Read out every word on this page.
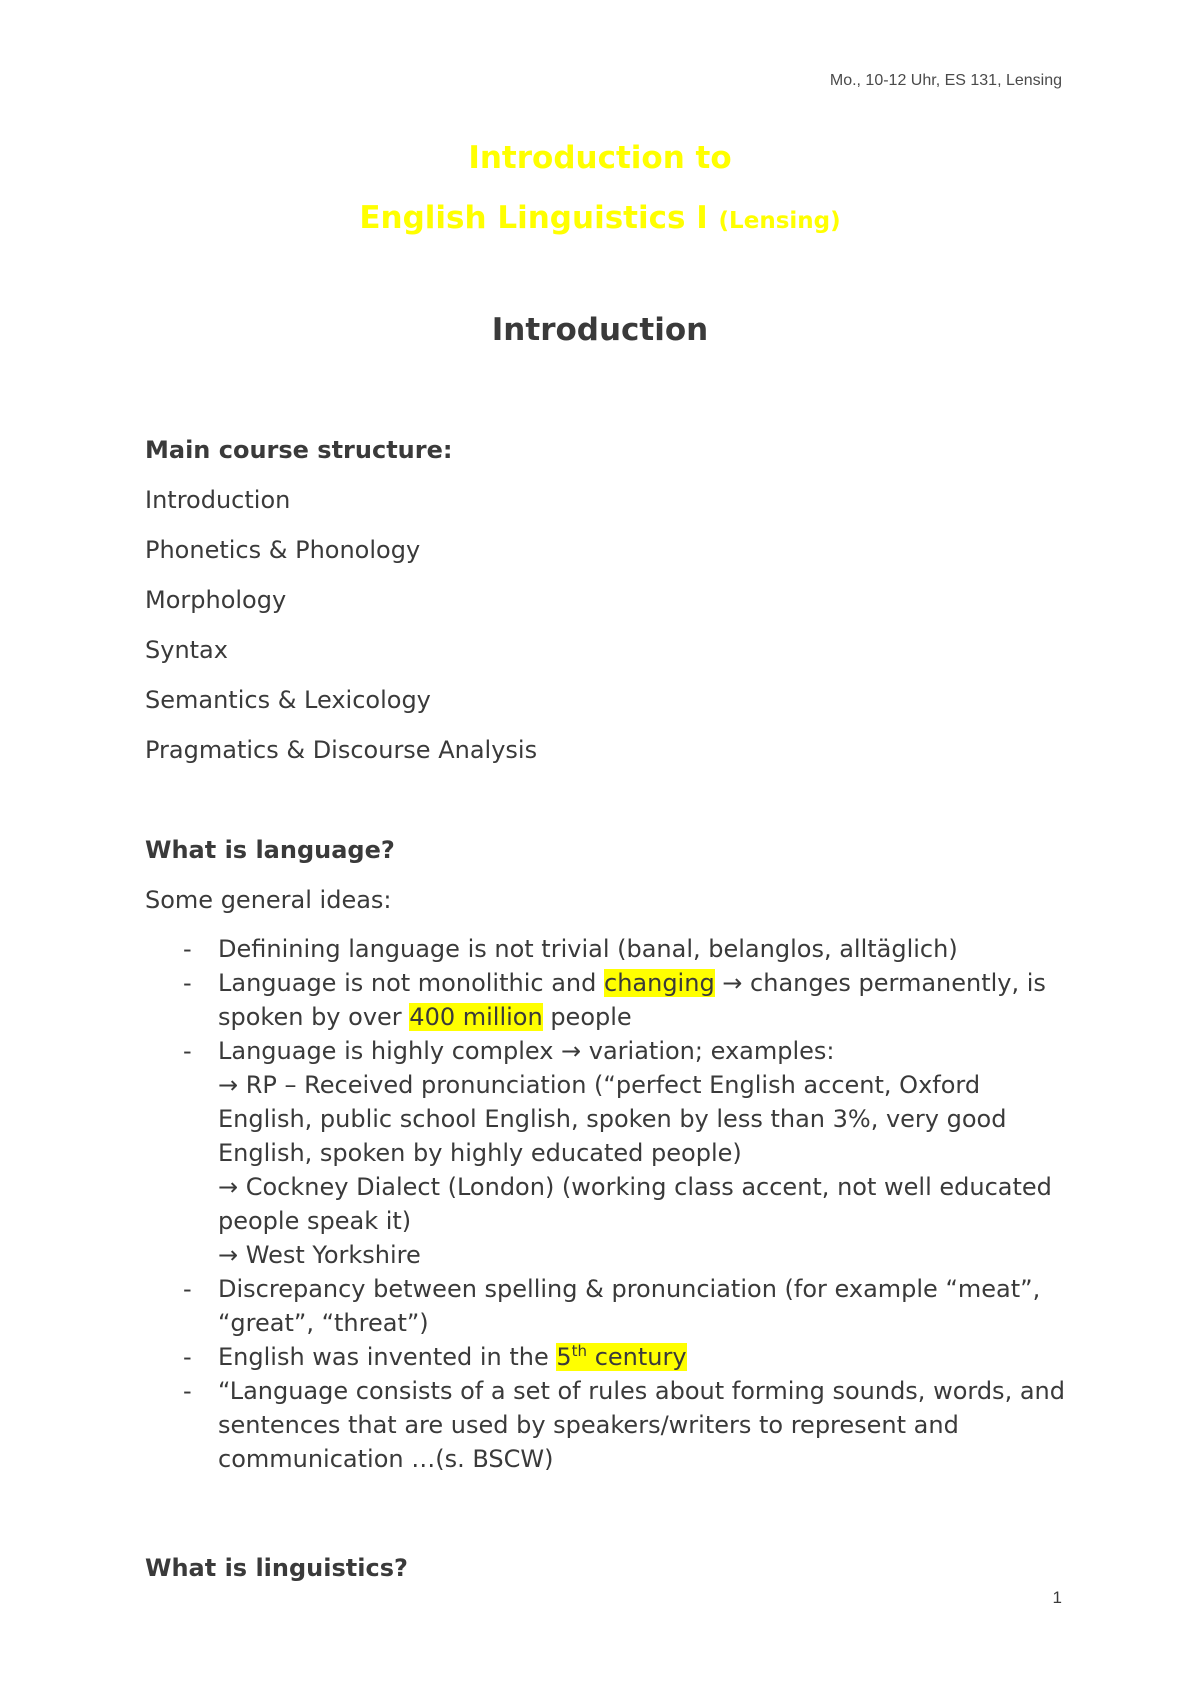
Mo., 10-12 Uhr, ES 131, Lensing
Introduction to
English Linguistics I (Lensing)
Introduction
Main course structure:
Introduction
Phonetics & Phonology
Morphology
Syntax
Semantics & Lexicology
Pragmatics & Discourse Analysis
What is language?
Some general ideas:
- Definining language is not trivial (banal, belanglos, alltäglich)
- Language is not monolithic and changing → changes permanently, is spoken by over 400 million people
- Language is highly complex → variation; examples:
→ RP – Received pronunciation (“perfect English accent, Oxford English, public school English, spoken by less than 3%, very good English, spoken by highly educated people)
→ Cockney Dialect (London) (working class accent, not well educated people speak it)
→ West Yorkshire
- Discrepancy between spelling & pronunciation (for example “meat”, “great”, “threat”)
- English was invented in the 5th century
- “Language consists of a set of rules about forming sounds, words, and sentences that are used by speakers/writers to represent and communication …(s. BSCW)
What is linguistics?
1
